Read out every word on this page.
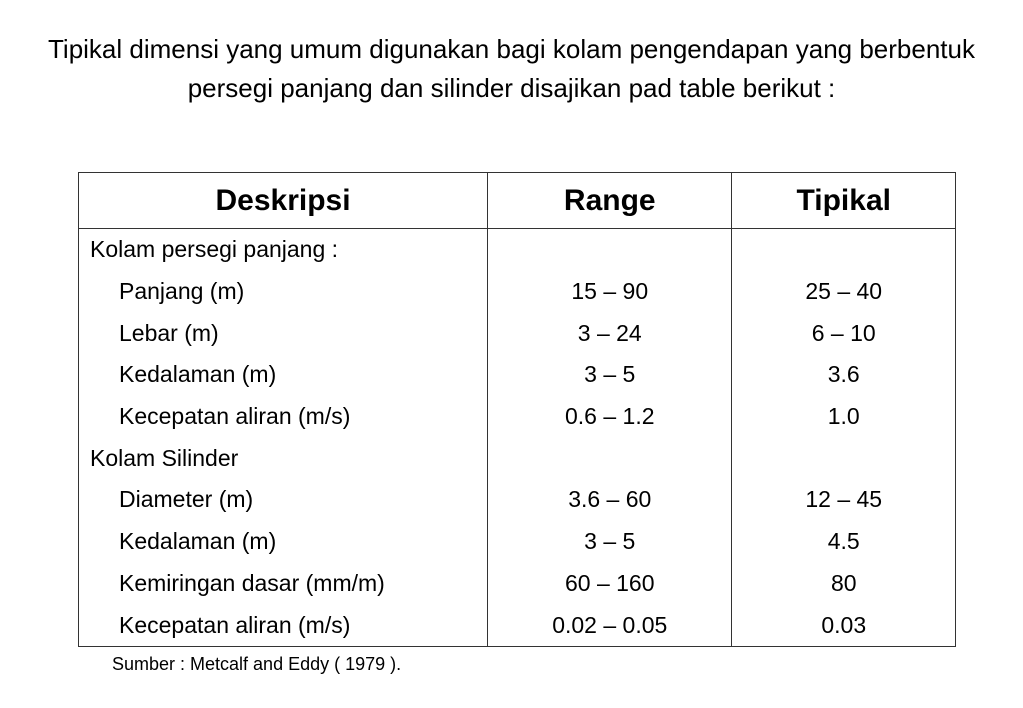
Tipikal dimensi yang umum digunakan bagi kolam pengendapan yang berbentuk persegi panjang dan silinder disajikan pad table berikut :
Deskripsi	Range	Tipikal
Kolam persegi panjang :		
Panjang (m)	15 – 90	25 – 40
Lebar (m)	3 – 24	6 – 10
Kedalaman (m)	3 – 5	3.6
Kecepatan aliran (m/s)	0.6 – 1.2	1.0
Kolam Silinder		
Diameter (m)	3.6 – 60	12 – 45
Kedalaman (m)	3 – 5	4.5
Kemiringan dasar (mm/m)	60 – 160	80
Kecepatan aliran (m/s)	0.02 – 0.05	0.03
Sumber : Metcalf and Eddy ( 1979 ).
